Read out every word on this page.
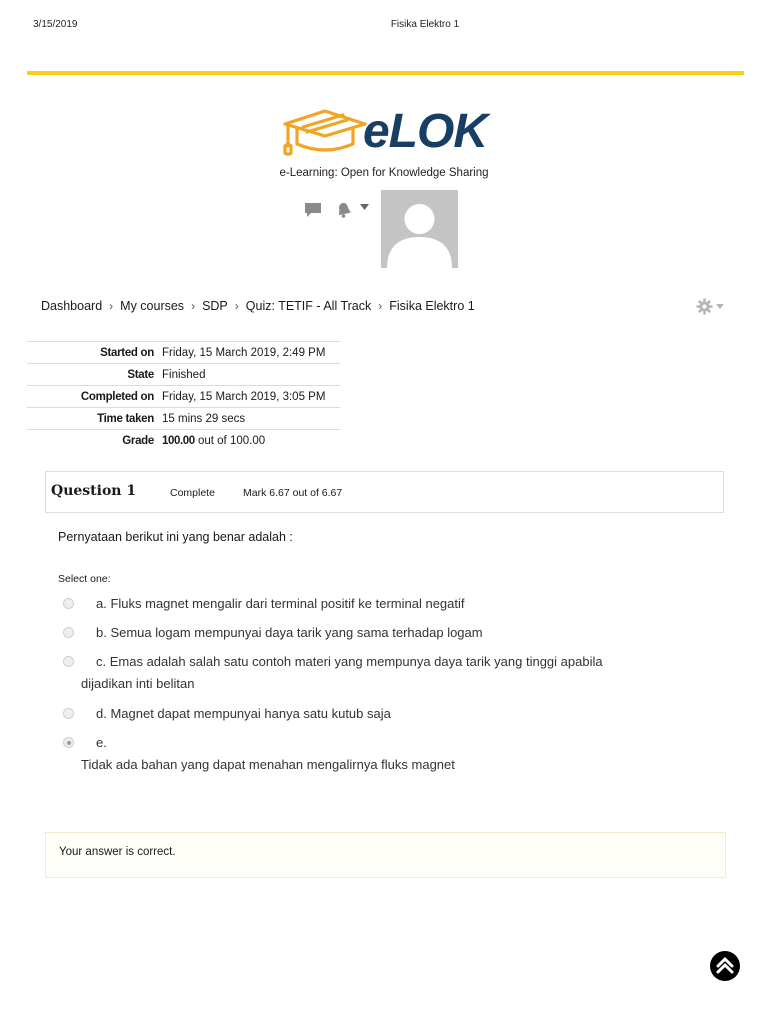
3/15/2019	Fisika Elektro 1
eLOK
e-Learning: Open for Knowledge Sharing
Dashboard › My courses › SDP › Quiz: TETIF - All Track › Fisika Elektro 1
Started on	Friday, 15 March 2019, 2:49 PM
State	Finished
Completed on	Friday, 15 March 2019, 3:05 PM
Time taken	15 mins 29 secs
Grade	100.00 out of 100.00
Question 1	Complete	Mark 6.67 out of 6.67
Pernyataan berikut ini yang benar adalah :
Select one:
a. Fluks magnet mengalir dari terminal positif ke terminal negatif
b. Semua logam mempunyai daya tarik yang sama terhadap logam
c. Emas adalah salah satu contoh materi yang mempunya daya tarik yang tinggi apabila
dijadikan inti belitan
d. Magnet dapat mempunyai hanya satu kutub saja
e.
Tidak ada bahan yang dapat menahan mengalirnya fluks magnet
Your answer is correct.
